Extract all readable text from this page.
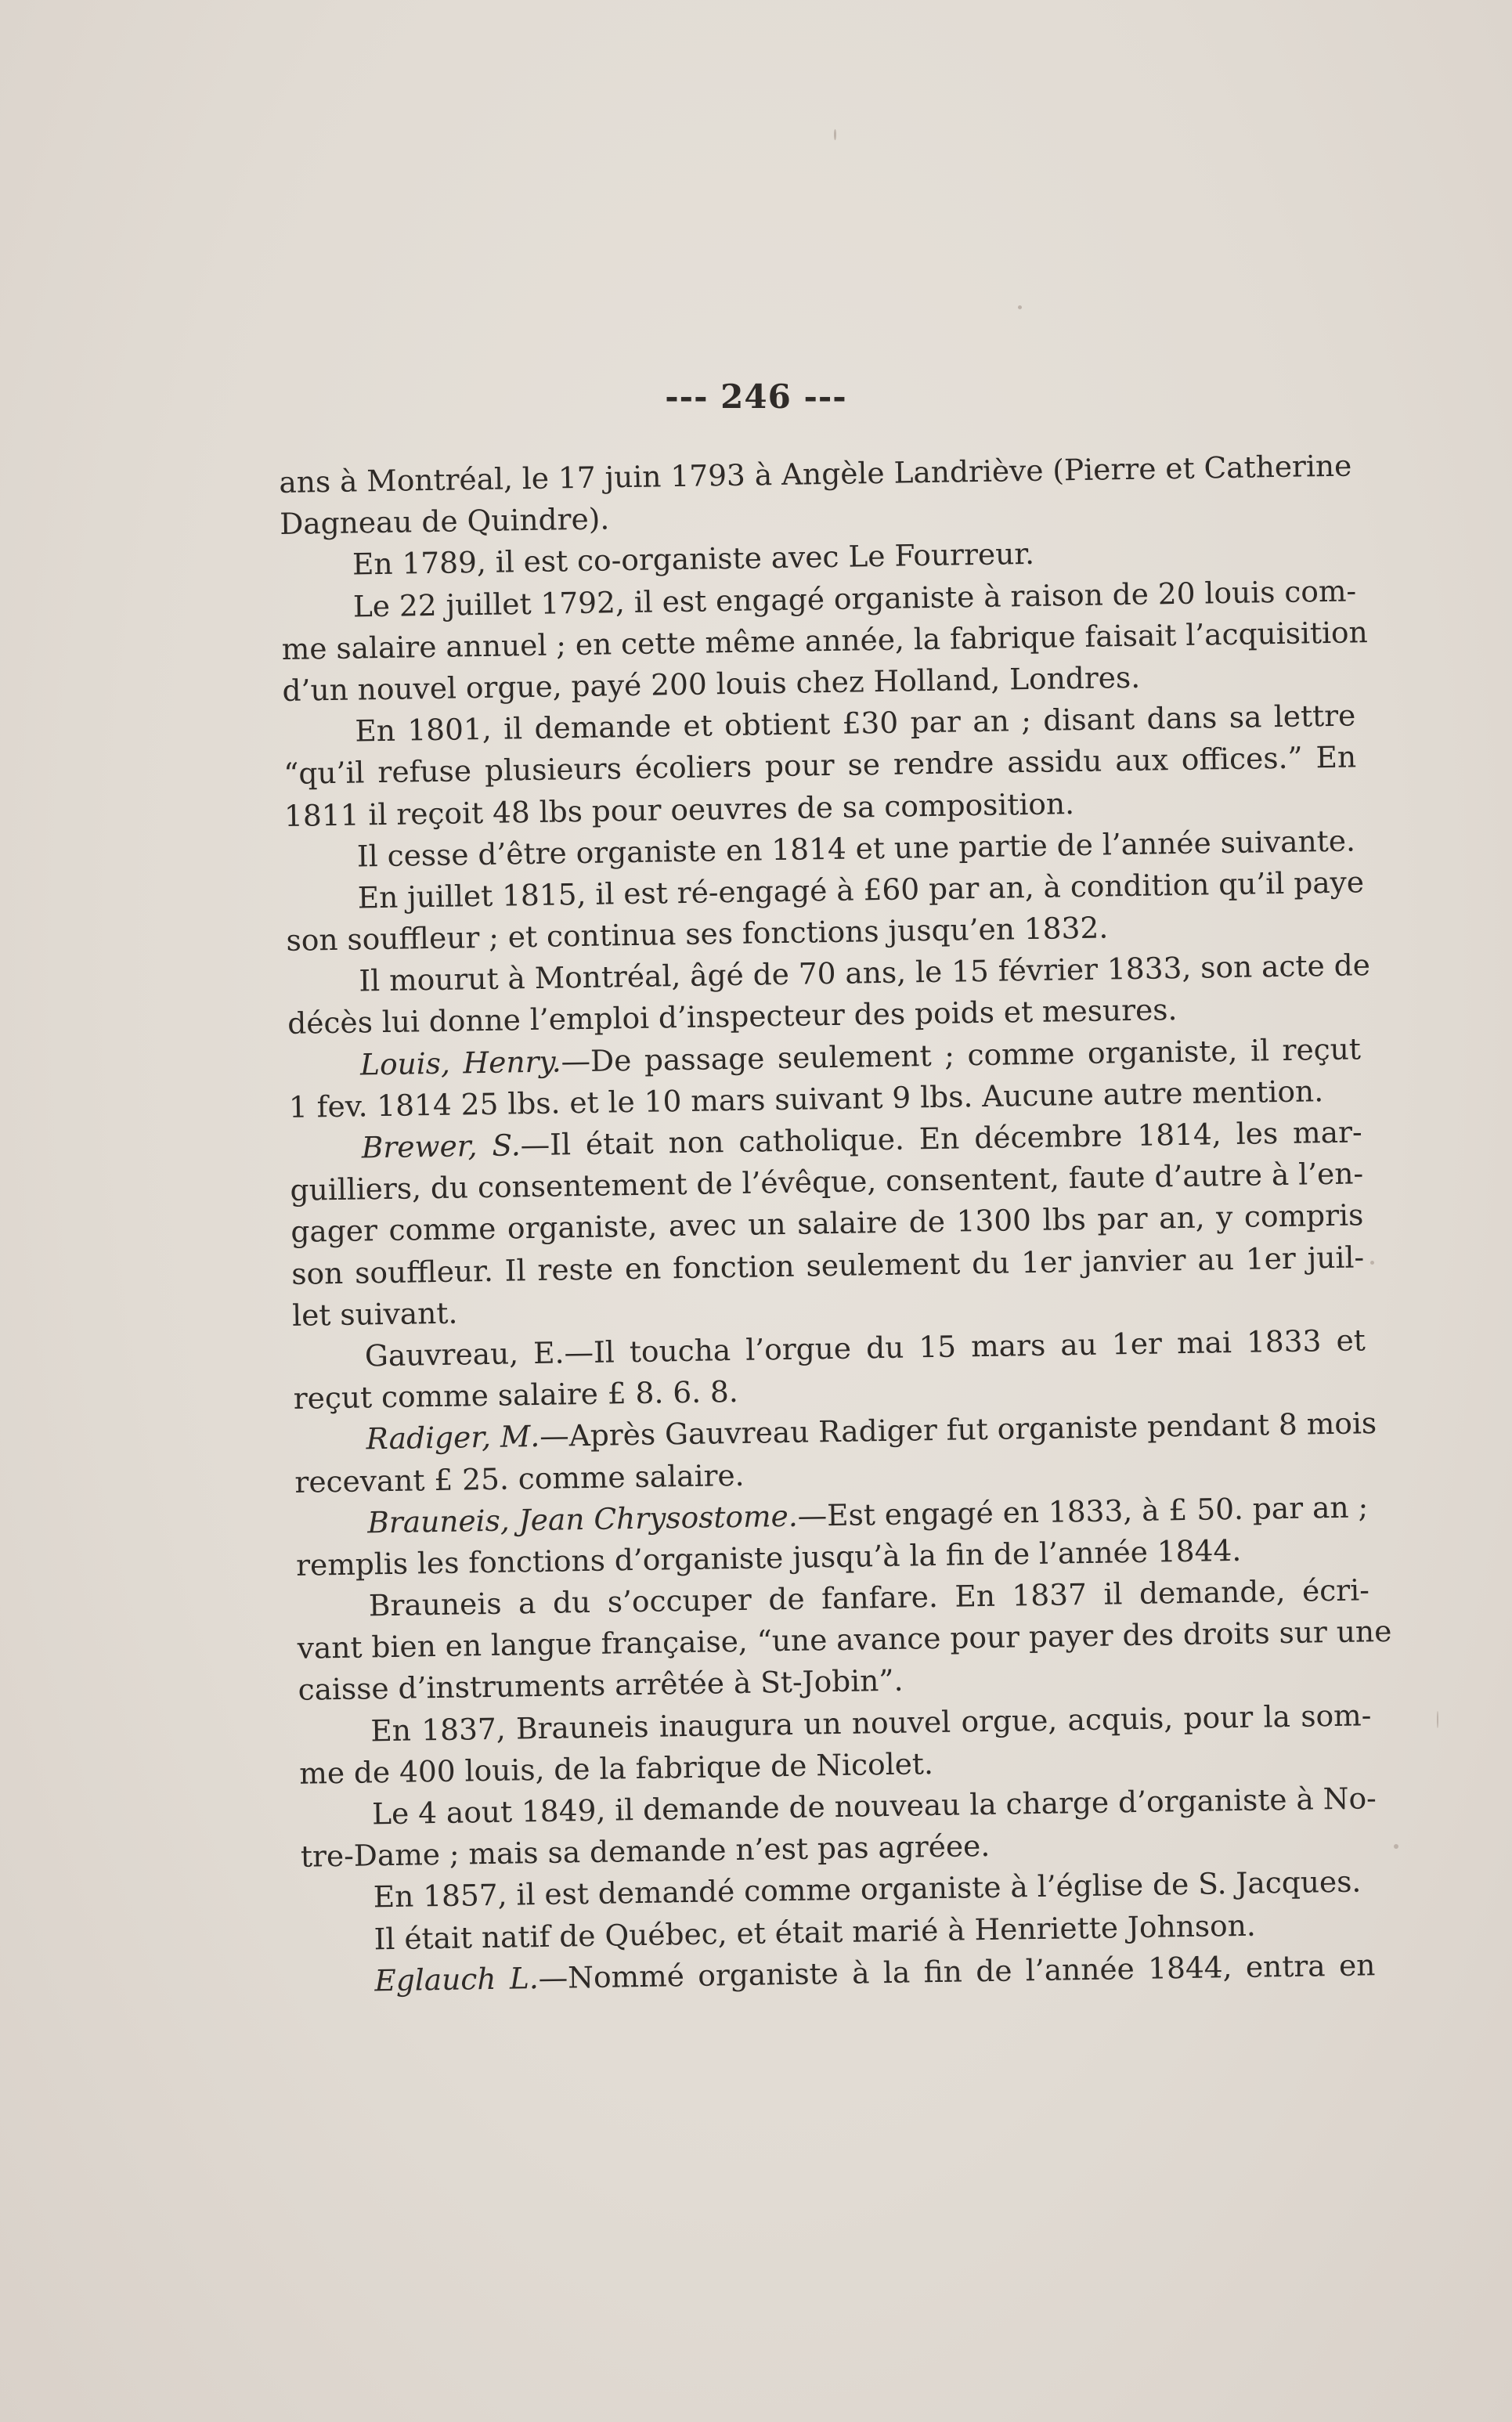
--- 246 ---
ans à Montréal, le 17 juin 1793 à Angèle Landriève (Pierre et Catherine
Dagneau de Quindre).
En 1789, il est co-organiste avec Le Fourreur.
Le 22 juillet 1792, il est engagé organiste à raison de 20 louis com-
me salaire annuel ; en cette même année, la fabrique faisait l’acquisition
d’un nouvel orgue, payé 200 louis chez Holland, Londres.
En 1801, il demande et obtient £30 par an ; disant dans sa lettre
“qu’il refuse plusieurs écoliers pour se rendre assidu aux offices.” En
1811 il reçoit 48 lbs pour oeuvres de sa composition.
Il cesse d’être organiste en 1814 et une partie de l’année suivante.
En juillet 1815, il est ré-engagé à £60 par an, à condition qu’il paye
son souffleur ; et continua ses fonctions jusqu’en 1832.
Il mourut à Montréal, âgé de 70 ans, le 15 février 1833, son acte de
décès lui donne l’emploi d’inspecteur des poids et mesures.
Louis, Henry.—De passage seulement ; comme organiste, il reçut
1 fev. 1814 25 lbs. et le 10 mars suivant 9 lbs. Aucune autre mention.
Brewer, S.—Il était non catholique. En décembre 1814, les mar-
guilliers, du consentement de l’évêque, consentent, faute d’autre à l’en-
gager comme organiste, avec un salaire de 1300 lbs par an, y compris
son souffleur. Il reste en fonction seulement du 1er janvier au 1er juil-
let suivant.
Gauvreau, E.—Il toucha l’orgue du 15 mars au 1er mai 1833 et
reçut comme salaire £ 8. 6. 8.
Radiger, M.—Après Gauvreau Radiger fut organiste pendant 8 mois
recevant £ 25. comme salaire.
Brauneis, Jean Chrysostome.—Est engagé en 1833, à £ 50. par an ;
remplis les fonctions d’organiste jusqu’à la fin de l’année 1844.
Brauneis a du s’occuper de fanfare. En 1837 il demande, écri-
vant bien en langue française, “une avance pour payer des droits sur une
caisse d’instruments arrêtée à St-Jobin”.
En 1837, Brauneis inaugura un nouvel orgue, acquis, pour la som-
me de 400 louis, de la fabrique de Nicolet.
Le 4 aout 1849, il demande de nouveau la charge d’organiste à No-
tre-Dame ; mais sa demande n’est pas agréee.
En 1857, il est demandé comme organiste à l’église de S. Jacques.
Il était natif de Québec, et était marié à Henriette Johnson.
Eglauch L.—Nommé organiste à la fin de l’année 1844, entra en
